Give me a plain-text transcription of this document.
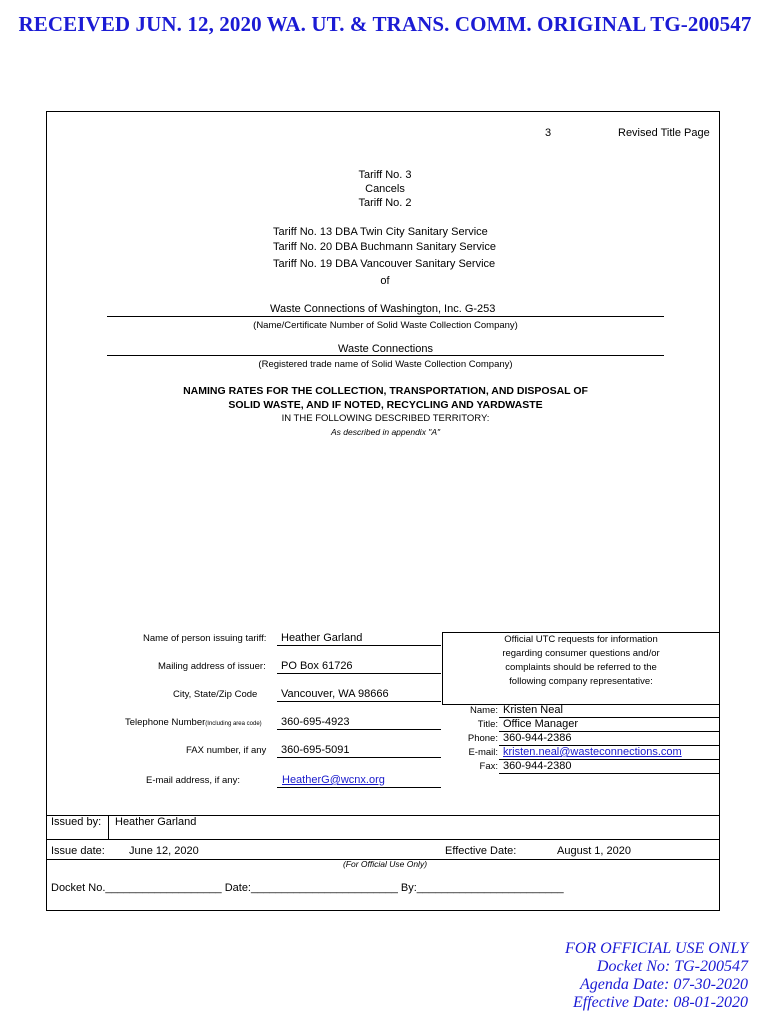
RECEIVED JUN. 12, 2020 WA. UT. & TRANS. COMM. ORIGINAL TG-200547
3	Revised Title Page
Tariff No. 3
Cancels
Tariff No. 2
Tariff No. 13 DBA Twin City Sanitary Service
Tariff No. 20 DBA Buchmann Sanitary Service
Tariff No. 19 DBA Vancouver Sanitary Service
of
Waste Connections of Washington, Inc. G-253
(Name/Certificate Number of Solid Waste Collection Company)
Waste Connections
(Registered trade name of Solid Waste Collection Company)
NAMING RATES FOR THE COLLECTION, TRANSPORTATION, AND DISPOSAL OF
SOLID WASTE, AND IF NOTED, RECYCLING AND YARDWASTE
IN THE FOLLOWING DESCRIBED TERRITORY:
As described in appendix "A"
Name of person issuing tariff: Heather Garland
Mailing address of issuer: PO Box 61726
City, State/Zip Code Vancouver, WA 98666
Telephone Number(Including area code) 360-695-4923
FAX number, if any 360-695-5091
E-mail address, if any:	HeatherG@wcnx.org
Official UTC requests for information
regarding consumer questions and/or
complaints should be referred to the
following company representative:
Name: Kristen Neal
Title: Office Manager
Phone: 360-944-2386
E-mail: kristen.neal@wasteconnections.com
Fax: 360-944-2380
Issued by: Heather Garland
Issue date: June 12, 2020	Effective Date:	August 1, 2020
(For Official Use Only)
Docket No.___________________ Date:________________________ By:________________________
FOR OFFICIAL USE ONLY
Docket No: TG-200547
Agenda Date: 07-30-2020
Effective Date: 08-01-2020
